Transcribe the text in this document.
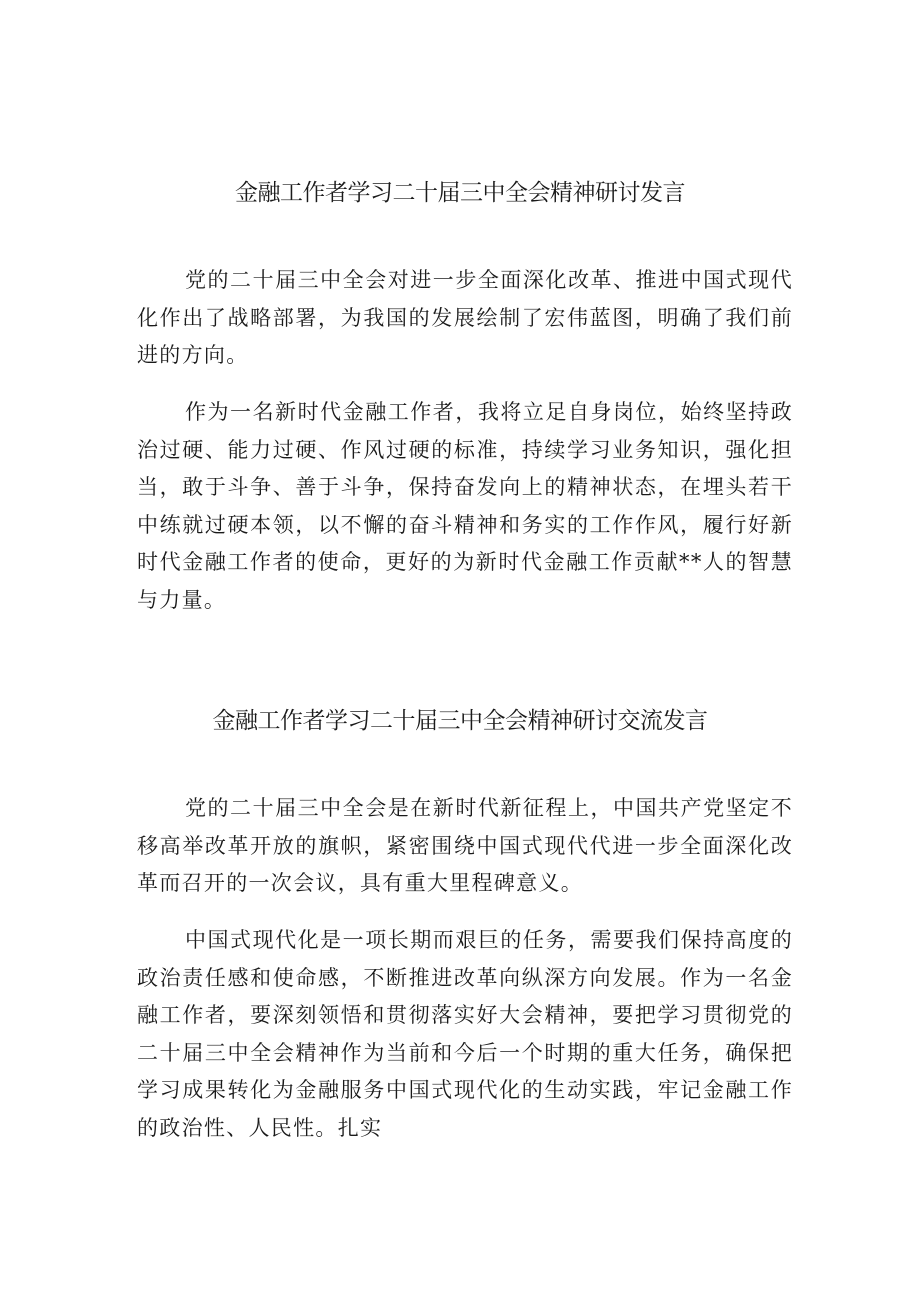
金融工作者学习二十届三中全会精神研讨发言

党的二十届三中全会对进一步全面深化改革、推进中国式现代化作出了战略部署，为我国的发展绘制了宏伟蓝图，明确了我们前进的方向。

作为一名新时代金融工作者，我将立足自身岗位，始终坚持政治过硬、能力过硬、作风过硬的标准，持续学习业务知识，强化担当，敢于斗争、善于斗争，保持奋发向上的精神状态，在埋头若干中练就过硬本领，以不懈的奋斗精神和务实的工作作风，履行好新时代金融工作者的使命，更好的为新时代金融工作贡献**人的智慧与力量。

金融工作者学习二十届三中全会精神研讨交流发言

党的二十届三中全会是在新时代新征程上，中国共产党坚定不移高举改革开放的旗帜，紧密围绕中国式现代代进一步全面深化改革而召开的一次会议，具有重大里程碑意义。

中国式现代化是一项长期而艰巨的任务，需要我们保持高度的政治责任感和使命感，不断推进改革向纵深方向发展。作为一名金融工作者，要深刻领悟和贯彻落实好大会精神，要把学习贯彻党的二十届三中全会精神作为当前和今后一个时期的重大任务，确保把学习成果转化为金融服务中国式现代化的生动实践，牢记金融工作的政治性、人民性。扎实
